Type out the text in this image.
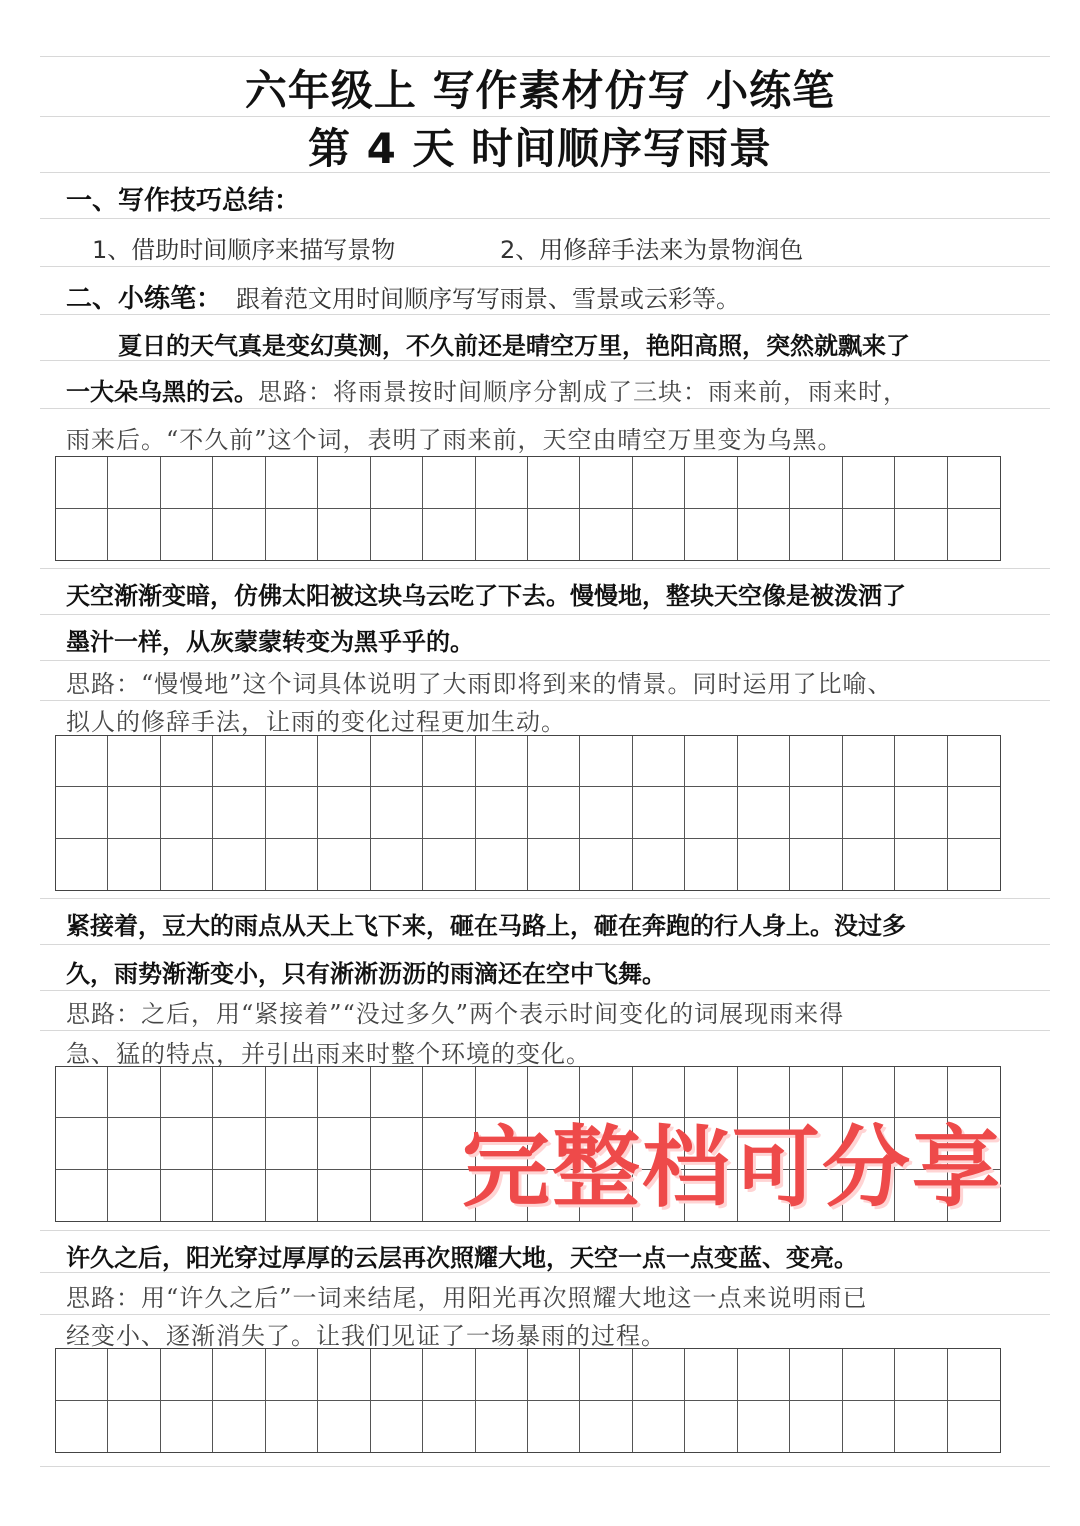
六年级上 写作素材仿写 小练笔
第 4 天 时间顺序写雨景
一、写作技巧总结：
1、借助时间顺序来描写景物	2、用修辞手法来为景物润色
二、小练笔： 跟着范文用时间顺序写写雨景、雪景或云彩等。
夏日的天气真是变幻莫测，不久前还是晴空万里，艳阳高照，突然就飘来了
一大朵乌黑的云。思路：将雨景按时间顺序分割成了三块：雨来前，雨来时，
雨来后。“不久前”这个词，表明了雨来前，天空由晴空万里变为乌黑。
天空渐渐变暗，仿佛太阳被这块乌云吃了下去。慢慢地，整块天空像是被泼洒了
墨汁一样，从灰蒙蒙转变为黑乎乎的。
思路：“慢慢地”这个词具体说明了大雨即将到来的情景。同时运用了比喻、
拟人的修辞手法，让雨的变化过程更加生动。
紧接着，豆大的雨点从天上飞下来，砸在马路上，砸在奔跑的行人身上。没过多
久，雨势渐渐变小，只有淅淅沥沥的雨滴还在空中飞舞。
思路：之后，用“紧接着”“没过多久”两个表示时间变化的词展现雨来得
急、猛的特点，并引出雨来时整个环境的变化。
许久之后，阳光穿过厚厚的云层再次照耀大地，天空一点一点变蓝、变亮。
思路：用“许久之后”一词来结尾，用阳光再次照耀大地这一点来说明雨已
经变小、逐渐消失了。让我们见证了一场暴雨的过程。
完整档可分享
